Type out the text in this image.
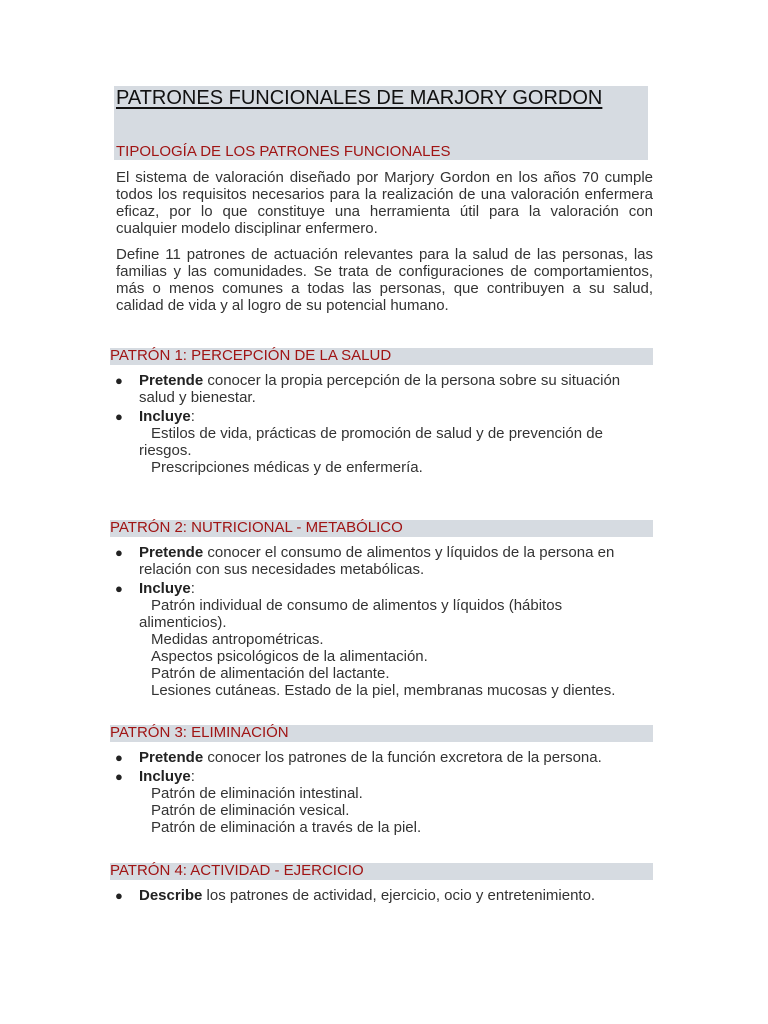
PATRONES FUNCIONALES DE MARJORY GORDON
TIPOLOGÍA DE LOS PATRONES FUNCIONALES

El sistema de valoración diseñado por Marjory Gordon en los años 70 cumple todos los requisitos necesarios para la realización de una valoración enfermera eficaz, por lo que constituye una herramienta útil para la valoración con cualquier modelo disciplinar enfermero.

Define 11 patrones de actuación relevantes para la salud de las personas, las familias y las comunidades. Se trata de configuraciones de comportamientos, más o menos comunes a todas las personas, que contribuyen a su salud, calidad de vida y al logro de su potencial humano.

PATRÓN 1: PERCEPCIÓN DE LA SALUD
● Pretende conocer la propia percepción de la persona sobre su situación salud y bienestar.
● Incluye:
Estilos de vida, prácticas de promoción de salud y de prevención de riesgos.
Prescripciones médicas y de enfermería.
PATRÓN 2: NUTRICIONAL - METABÓLICO
● Pretende conocer el consumo de alimentos y líquidos de la persona en relación con sus necesidades metabólicas.
● Incluye:
Patrón individual de consumo de alimentos y líquidos (hábitos alimenticios).
Medidas antropométricas.
Aspectos psicológicos de la alimentación.
Patrón de alimentación del lactante.
Lesiones cutáneas. Estado de la piel, membranas mucosas y dientes.
PATRÓN 3: ELIMINACIÓN
● Pretende conocer los patrones de la función excretora de la persona.
● Incluye:
Patrón de eliminación intestinal.
Patrón de eliminación vesical.
Patrón de eliminación a través de la piel.
PATRÓN 4: ACTIVIDAD - EJERCICIO
● Describe los patrones de actividad, ejercicio, ocio y entretenimiento.
